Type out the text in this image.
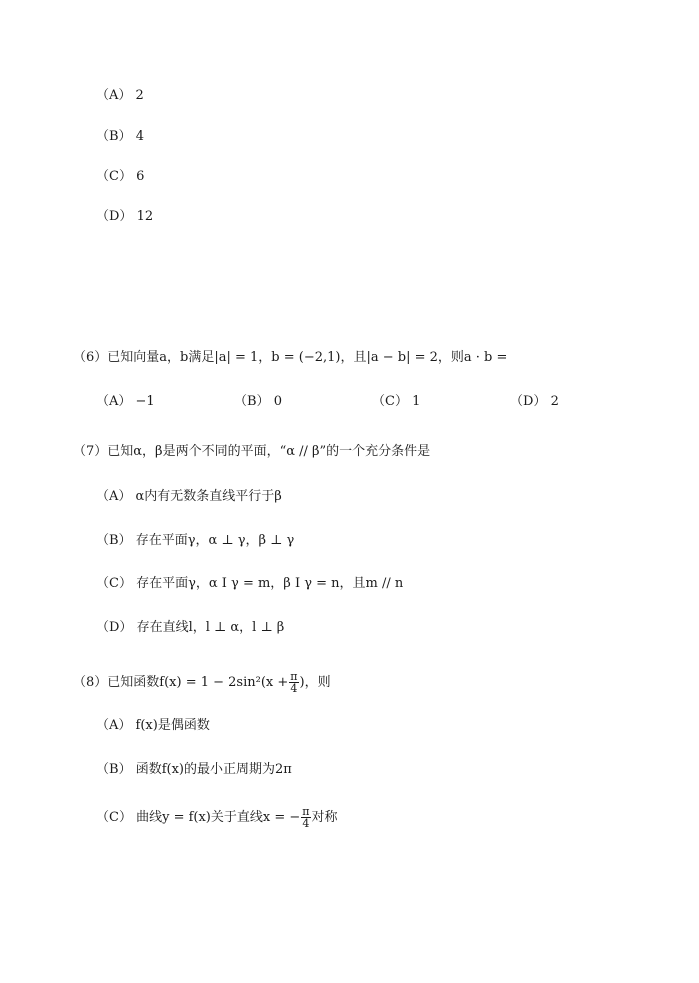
（A） 2
（B） 4
（C） 6
（D） 12
（6）已知向量a，b满足|a| = 1，b = (−2,1)，且|a − b| = 2，则a · b =
（A） −1	（B） 0	（C） 1	（D） 2
（7）已知α，β是两个不同的平面，“α // β”的一个充分条件是
（A） α内有无数条直线平行于β
（B） 存在平面γ，α ⊥ γ，β ⊥ γ
（C） 存在平面γ，α I γ = m，β I γ = n，且m // n
（D） 存在直线l，l ⊥ α，l ⊥ β
（8）已知函数$f(x) = 1 - 2\sin^2(x + \frac{\pi}{4}$ )，则
（A） f(x)是偶函数
（B） 函数f(x)的最小正周期为2π
（C） 曲线y = f(x)关于直线x = − $\frac{\pi}{4}$ 对称
